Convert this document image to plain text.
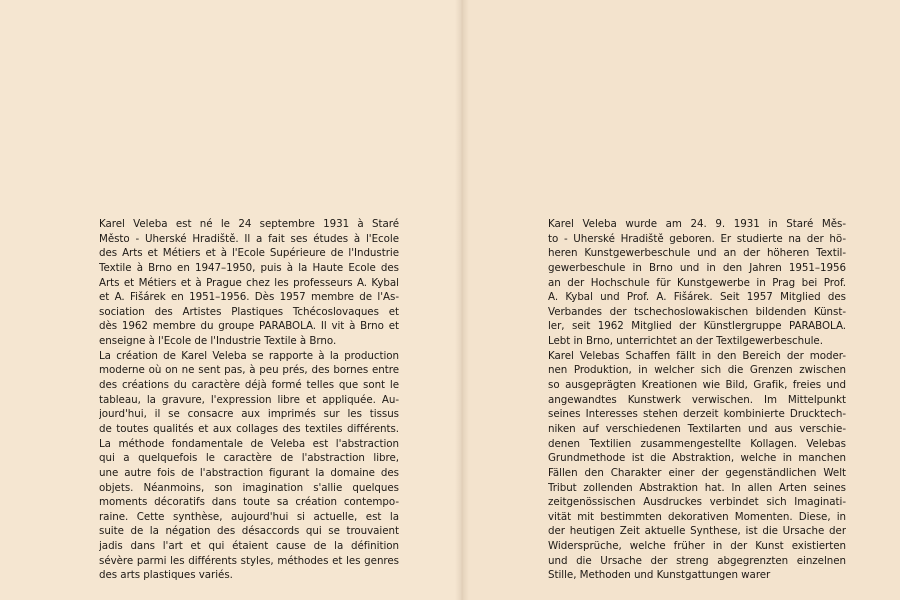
Karel Veleba est né le 24 septembre 1931 à Staré
Město - Uherské Hradiště. Il a fait ses études à l'Ecole
des Arts et Métiers et à l'Ecole Supérieure de l'Industrie
Textile à Brno en 1947–1950, puis à la Haute Ecole des
Arts et Métiers et à Prague chez les professeurs A. Kybal
et A. Fišárek en 1951–1956. Dès 1957 membre de l'As-
sociation des Artistes Plastiques Tchécoslovaques et
dès 1962 membre du groupe PARABOLA. Il vit à Brno et
enseigne à l'Ecole de l'Industrie Textile à Brno.
La création de Karel Veleba se rapporte à la production
moderne où on ne sent pas, à peu prés, des bornes entre
des créations du caractère déjà formé telles que sont le
tableau, la gravure, l'expression libre et appliquée. Au-
jourd'hui, il se consacre aux imprimés sur les tissus
de toutes qualités et aux collages des textiles différents.
La méthode fondamentale de Veleba est l'abstraction
qui a quelquefois le caractère de l'abstraction libre,
une autre fois de l'abstraction figurant la domaine des
objets. Néanmoins, son imagination s'allie quelques
moments décoratifs dans toute sa création contempo-
raine. Cette synthèse, aujourd'hui si actuelle, est la
suite de la négation des désaccords qui se trouvaient
jadis dans l'art et qui étaient cause de la définition
sévère parmi les différents styles, méthodes et les genres
des arts plastiques variés.
Karel Veleba wurde am 24. 9. 1931 in Staré Měs-
to - Uherské Hradiště geboren. Er studierte na der hö-
heren Kunstgewerbeschule und an der höheren Textil-
gewerbeschule in Brno und in den Jahren 1951–1956
an der Hochschule für Kunstgewerbe in Prag bei Prof.
A. Kybal und Prof. A. Fišárek. Seit 1957 Mitglied des
Verbandes der tschechoslowakischen bildenden Künst-
ler, seit 1962 Mitglied der Künstlergruppe PARABOLA.
Lebt in Brno, unterrichtet an der Textilgewerbeschule.
Karel Velebas Schaffen fällt in den Bereich der moder-
nen Produktion, in welcher sich die Grenzen zwischen
so ausgeprägten Kreationen wie Bild, Grafik, freies und
angewandtes Kunstwerk verwischen. Im Mittelpunkt
seines Interesses stehen derzeit kombinierte Drucktech-
niken auf verschiedenen Textilarten und aus verschie-
denen Textilien zusammengestellte Kollagen. Velebas
Grundmethode ist die Abstraktion, welche in manchen
Fällen den Charakter einer der gegenständlichen Welt
Tribut zollenden Abstraktion hat. In allen Arten seines
zeitgenössischen Ausdruckes verbindet sich Imaginati-
vität mit bestimmten dekorativen Momenten. Diese, in
der heutigen Zeit aktuelle Synthese, ist die Ursache der
Widersprüche, welche früher in der Kunst existierten
und die Ursache der streng abgegrenzten einzelnen
Stille, Methoden und Kunstgattungen warer
